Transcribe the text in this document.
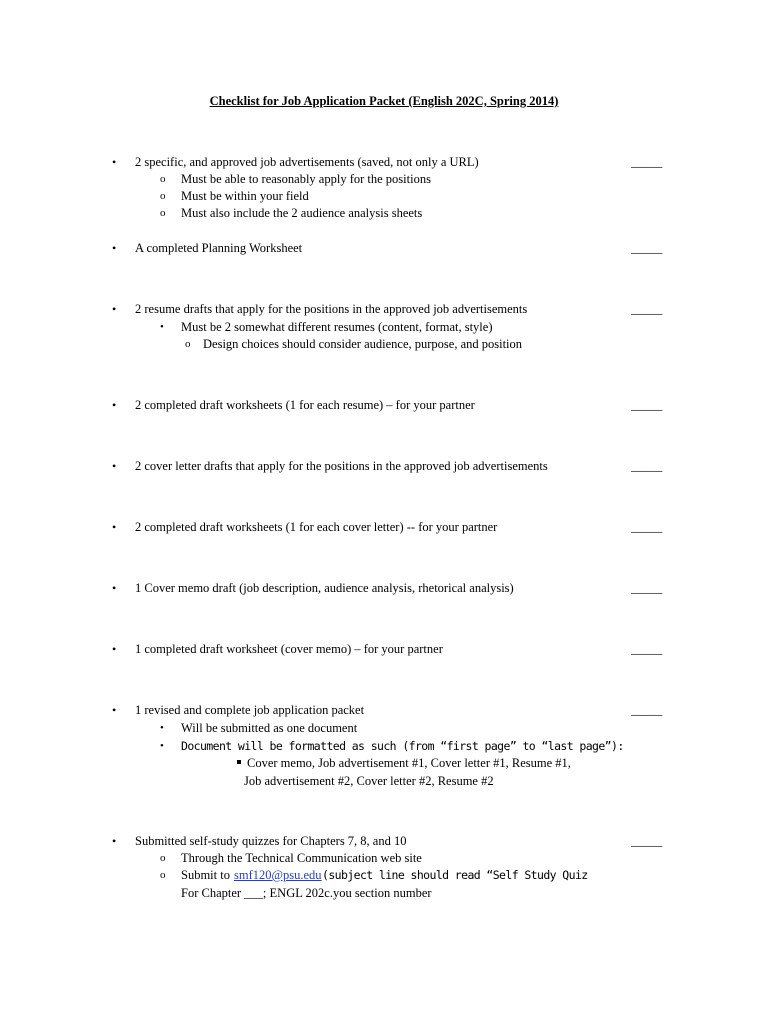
Checklist for Job Application Packet (English 202C, Spring 2014)
• 2 specific, and approved job advertisements (saved, not only a URL)	_____
o Must be able to reasonably apply for the positions
o Must be within your field
o Must also include the 2 audience analysis sheets
• A completed Planning Worksheet	_____
• 2 resume drafts that apply for the positions in the approved job advertisements	_____
• Must be 2 somewhat different resumes (content, format, style)
o Design choices should consider audience, purpose, and position
• 2 completed draft worksheets (1 for each resume) – for your partner	_____
• 2 cover letter drafts that apply for the positions in the approved job advertisements	_____
• 2 completed draft worksheets (1 for each cover letter) -- for your partner	_____
• 1 Cover memo draft (job description, audience analysis, rhetorical analysis)	_____
• 1 completed draft worksheet (cover memo) – for your partner	_____
• 1 revised and complete job application packet	_____
• Will be submitted as one document
• Document will be formatted as such (from “first page” to “last page”):
Cover memo, Job advertisement #1, Cover letter #1, Resume #1,
Job advertisement #2, Cover letter #2, Resume #2
• Submitted self-study quizzes for Chapters 7, 8, and 10	_____
o Through the Technical Communication web site
o Submit to smf120@psu.edu (subject line should read “Self Study Quiz
For Chapter ___; ENGL 202c.you section number
